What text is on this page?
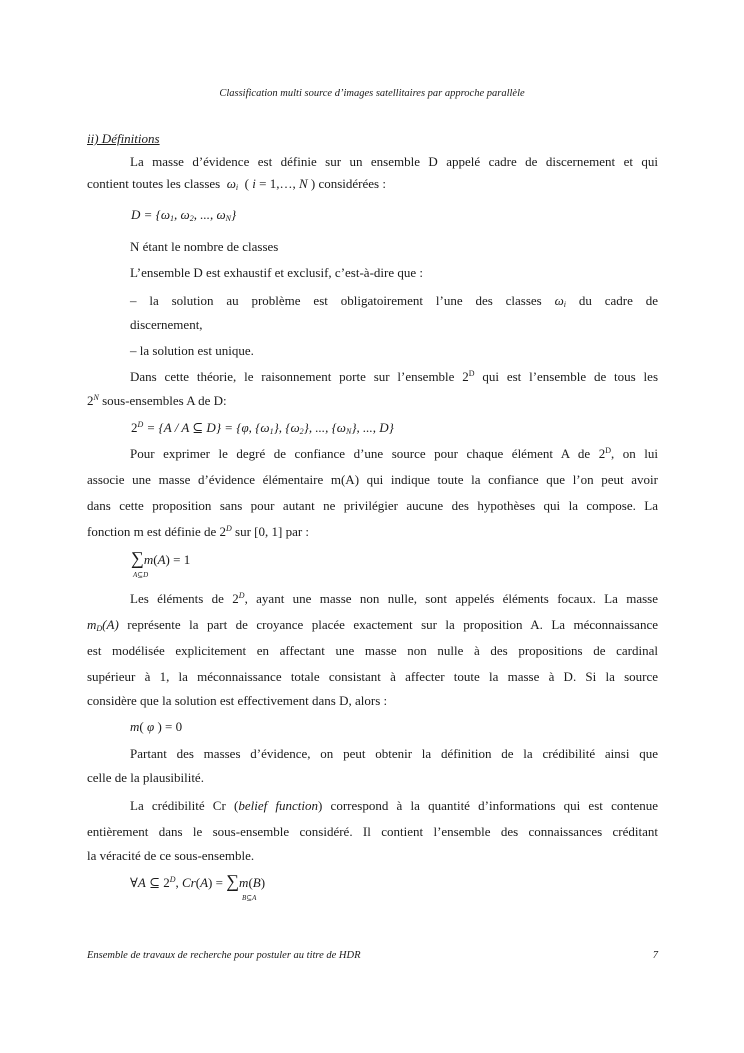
Classification multi source d’images satellitaires par approche parallèle
ii) Définitions
La masse d’évidence est définie sur un ensemble D appelé cadre de discernement et qui
contient toutes les classes $\omega_i$  ( i = 1,…, N ) considérées :
$D = \{\omega_1$, $\omega_2$, ..., $\omega_N$}
N étant le nombre de classes
L’ensemble D est exhaustif et exclusif, c’est-à-dire que :
– la solution au problème est obligatoirement l’une des classes $\omega_i$ du cadre de
discernement,
– la solution est unique.
Dans cette théorie, le raisonnement porte sur l’ensemble $2^D$ qui est l’ensemble de tous les
$2^N$ sous-ensembles A de D:
$2^D = \{A / A$ ⊆ D} = {φ, $\{\omega_1\}$, $\{\omega_2\}$, ..., $\{\omega_N\}$, ..., D}
Pour exprimer le degré de confiance d’une source pour chaque élément A de $2^D$, on lui
associe une masse d’évidence élémentaire m(A) qui indique toute la confiance que l’on peut avoir
dans cette proposition sans pour autant ne privilégier aucune des hypothèses qui la compose. La
fonction m est définie de $2^D$ sur [0, 1] par :
∑m(A) = 1
A⊆D
Les éléments de $2^D$, ayant une masse non nulle, sont appelés éléments focaux. La masse
$m_D(A)$ représente la part de croyance placée exactement sur la proposition A. La méconnaissance
est modélisée explicitement en affectant une masse non nulle à des propositions de cardinal
supérieur à 1, la méconnaissance totale consistant à affecter toute la masse à D. Si la source
considère que la solution est effectivement dans D, alors :
m( φ ) = 0
Partant des masses d’évidence, on peut obtenir la définition de la crédibilité ainsi que
celle de la plausibilité.
La crédibilité Cr (belief function) correspond à la quantité d’informations qui est contenue
entièrement dans le sous-ensemble considéré. Il contient l’ensemble des connaissances créditant
la véracité de ce sous-ensemble.
∀A ⊆ $2^D$, Cr(A) = ∑m(B)
B⊆A
Ensemble de travaux de recherche pour postuler au titre de HDR	7
